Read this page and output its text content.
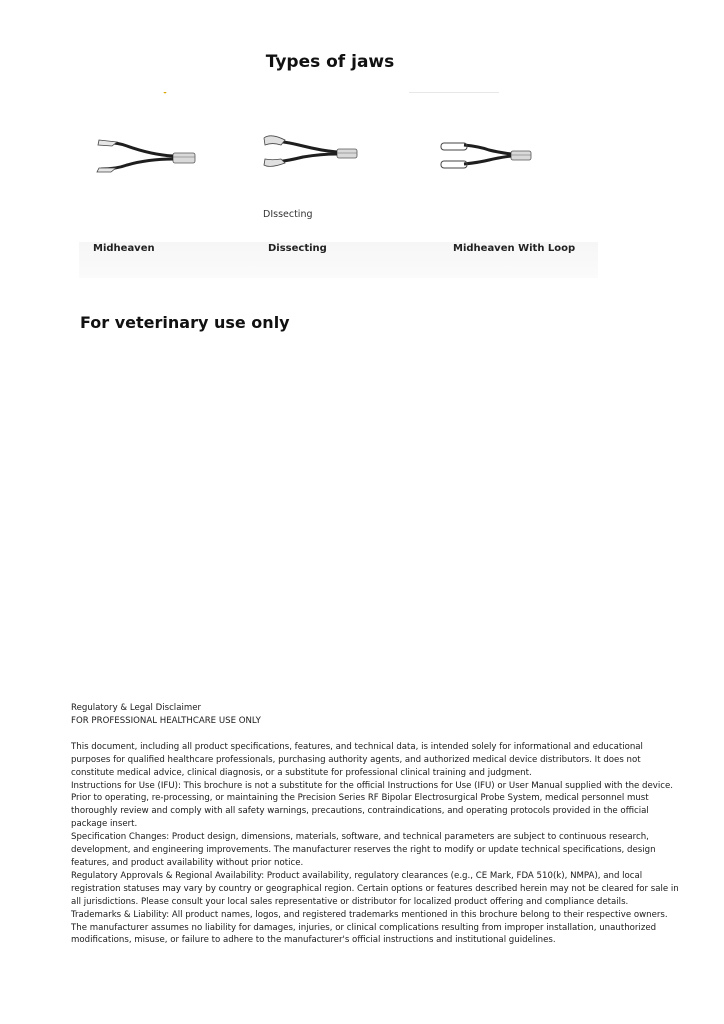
Types of jaws
DIssecting
Midheaven	Dissecting	Midheaven With Loop
For veterinary use only

Regulatory & Legal Disclaimer

FOR PROFESSIONAL HEALTHCARE USE ONLY

This document, including all product specifications, features, and technical data, is intended solely for informational and educational purposes for qualified healthcare professionals, purchasing authority agents, and authorized medical device distributors. It does not constitute medical advice, clinical diagnosis, or a substitute for professional clinical training and judgment.

Instructions for Use (IFU): This brochure is not a substitute for the official Instructions for Use (IFU) or User Manual supplied with the device. Prior to operating, re-processing, or maintaining the Precision Series RF Bipolar Electrosurgical Probe System, medical personnel must thoroughly review and comply with all safety warnings, precautions, contraindications, and operating protocols provided in the official package insert.

Specification Changes: Product design, dimensions, materials, software, and technical parameters are subject to continuous research, development, and engineering improvements. The manufacturer reserves the right to modify or update technical specifications, design features, and product availability without prior notice.

Regulatory Approvals & Regional Availability: Product availability, regulatory clearances (e.g., CE Mark, FDA 510(k), NMPA), and local registration statuses may vary by country or geographical region. Certain options or features described herein may not be cleared for sale in all jurisdictions. Please consult your local sales representative or distributor for localized product offering and compliance details.

Trademarks & Liability: All product names, logos, and registered trademarks mentioned in this brochure belong to their respective owners. The manufacturer assumes no liability for damages, injuries, or clinical complications resulting from improper installation, unauthorized modifications, misuse, or failure to adhere to the manufacturer's official instructions and institutional guidelines.
